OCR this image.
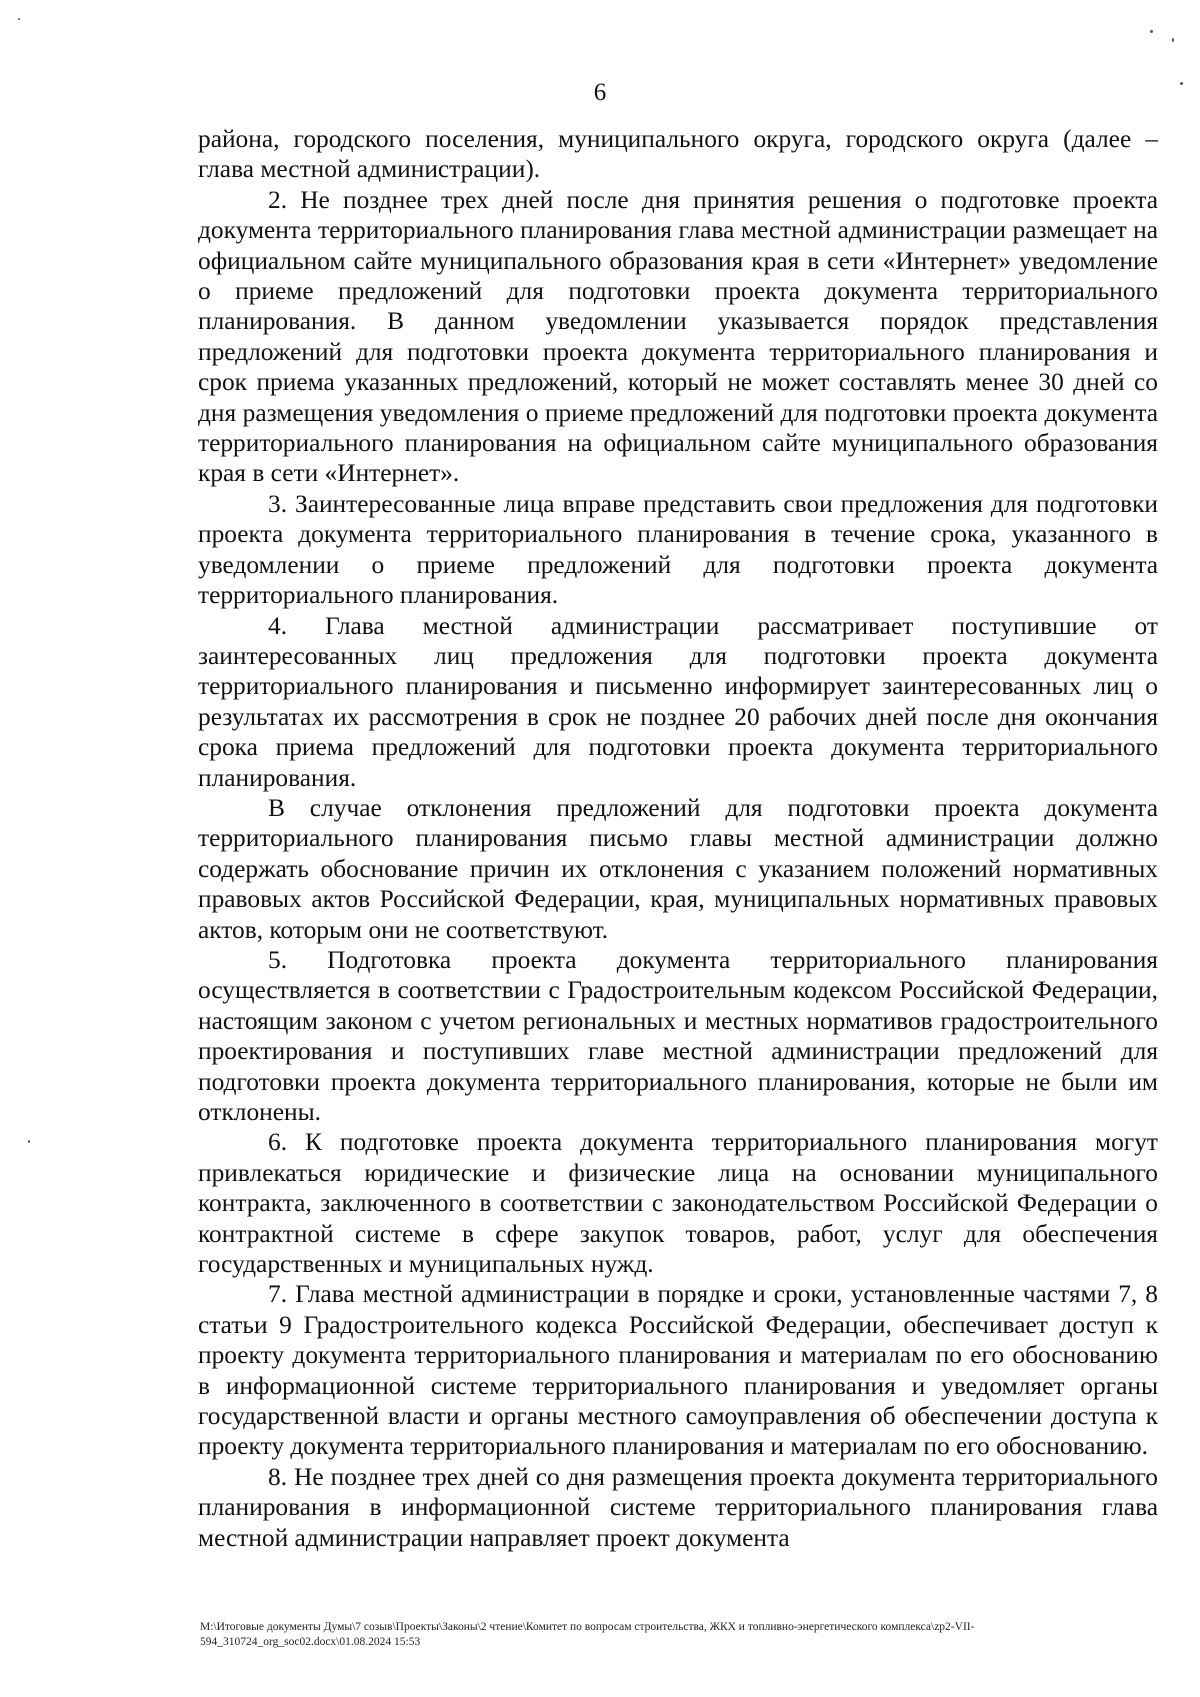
6

района, городского поселения, муниципального округа, городского округа (далее – глава местной администрации).

2. Не позднее трех дней после дня принятия решения о подготовке проекта документа территориального планирования глава местной администрации размещает на официальном сайте муниципального образования края в сети «Интернет» уведомление о приеме предложений для подготовки проекта документа территориального планирования. В данном уведомлении указывается порядок представления предложений для подготовки проекта документа территориального планирования и срок приема указанных предложений, который не может составлять менее 30 дней со дня размещения уведомления о приеме предложений для подготовки проекта документа территориального планирования на официальном сайте муниципального образования края в сети «Интернет».

3. Заинтересованные лица вправе представить свои предложения для подготовки проекта документа территориального планирования в течение срока, указанного в уведомлении о приеме предложений для подготовки проекта документа территориального планирования.

4. Глава местной администрации рассматривает поступившие от заинтересованных лиц предложения для подготовки проекта документа территориального планирования и письменно информирует заинтересованных лиц о результатах их рассмотрения в срок не позднее 20 рабочих дней после дня окончания срока приема предложений для подготовки проекта документа территориального планирования.

В случае отклонения предложений для подготовки проекта документа территориального планирования письмо главы местной администрации должно содержать обоснование причин их отклонения с указанием положений нормативных правовых актов Российской Федерации, края, муниципальных нормативных правовых актов, которым они не соответствуют.

5. Подготовка проекта документа территориального планирования осуществляется в соответствии с Градостроительным кодексом Российской Федерации, настоящим законом с учетом региональных и местных нормативов градостроительного проектирования и поступивших главе местной администрации предложений для подготовки проекта документа территориального планирования, которые не были им отклонены.

6. К подготовке проекта документа территориального планирования могут привлекаться юридические и физические лица на основании муниципального контракта, заключенного в соответствии с законодательством Российской Федерации о контрактной системе в сфере закупок товаров, работ, услуг для обеспечения государственных и муниципальных нужд.

7. Глава местной администрации в порядке и сроки, установленные частями 7, 8 статьи 9 Градостроительного кодекса Российской Федерации, обеспечивает доступ к проекту документа территориального планирования и материалам по его обоснованию в информационной системе территориального планирования и уведомляет органы государственной власти и органы местного самоуправления об обеспечении доступа к проекту документа территориального планирования и материалам по его обоснованию.

8. Не позднее трех дней со дня размещения проекта документа территориального планирования в информационной системе территориального планирования глава местной администрации направляет проект документа

M:\Итоговые документы Думы\7 созыв\Проекты\Законы\2 чтение\Комитет по вопросам строительства, ЖКХ и топливно-энергетического комплекса\zp2-VII-594_310724_org_soc02.docx\01.08.2024 15:53
